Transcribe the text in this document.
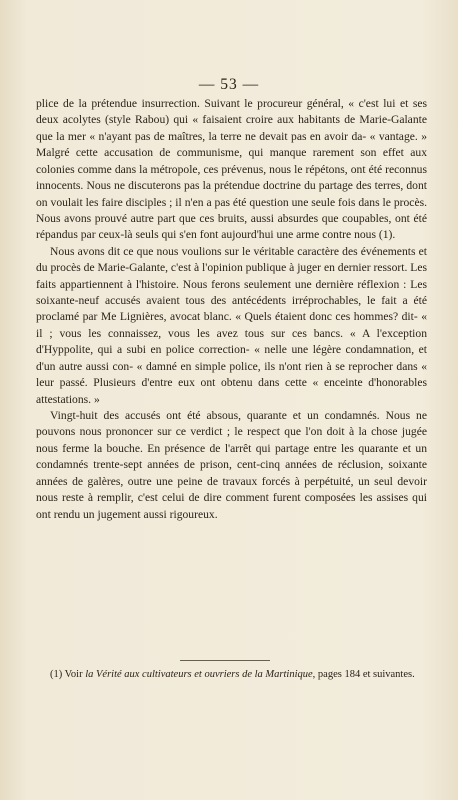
— 53 —

plice de la prétendue insurrection. Suivant le procureur général, « c'est lui et ses deux acolytes (style Rabou) qui « faisaient croire aux habitants de Marie-Galante que la mer « n'ayant pas de maîtres, la terre ne devait pas en avoir da- « vantage. » Malgré cette accusation de communisme, qui manque rarement son effet aux colonies comme dans la métropole, ces prévenus, nous le répétons, ont été reconnus innocents. Nous ne discuterons pas la prétendue doctrine du partage des terres, dont on voulait les faire disciples ; il n'en a pas été question une seule fois dans le procès. Nous avons prouvé autre part que ces bruits, aussi absurdes que coupables, ont été répandus par ceux-là seuls qui s'en font aujourd'hui une arme contre nous (1).

Nous avons dit ce que nous voulions sur le véritable caractère des événements et du procès de Marie-Galante, c'est à l'opinion publique à juger en dernier ressort. Les faits appartiennent à l'histoire. Nous ferons seulement une dernière réflexion : Les soixante-neuf accusés avaient tous des antécédents irréprochables, le fait a été proclamé par Me Lignières, avocat blanc. « Quels étaient donc ces hommes? dit- « il ; vous les connaissez, vous les avez tous sur ces bancs. « A l'exception d'Hyppolite, qui a subi en police correction- « nelle une légère condamnation, et d'un autre aussi con- « damné en simple police, ils n'ont rien à se reprocher dans « leur passé. Plusieurs d'entre eux ont obtenu dans cette « enceinte d'honorables attestations. »

Vingt-huit des accusés ont été absous, quarante et un condamnés. Nous ne pouvons nous prononcer sur ce verdict ; le respect que l'on doit à la chose jugée nous ferme la bouche. En présence de l'arrêt qui partage entre les quarante et un condamnés trente-sept années de prison, cent-cinq années de réclusion, soixante années de galères, outre une peine de travaux forcés à perpétuité, un seul devoir nous reste à remplir, c'est celui de dire comment furent composées les assises qui ont rendu un jugement aussi rigoureux.

(1) Voir la Vérité aux cultivateurs et ouvriers de la Martinique, pages 184 et suivantes.
